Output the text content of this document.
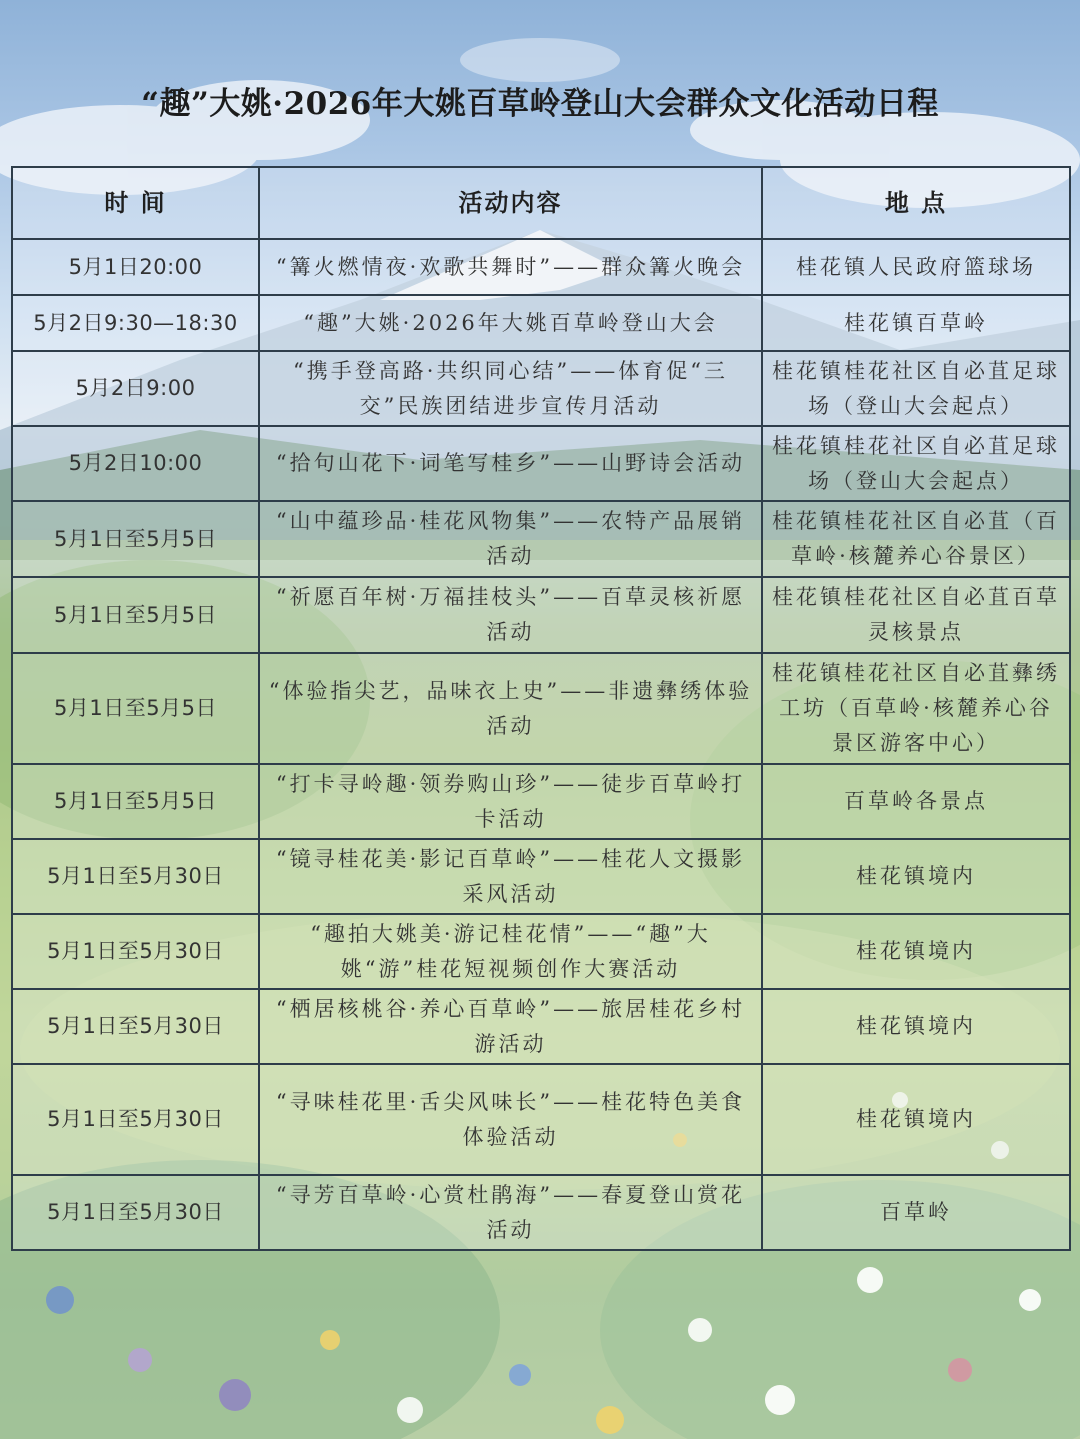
“趣”大姚·2026年大姚百草岭登山大会群众文化活动日程
时 间	活动内容	地 点
5月1日20:00	“篝火燃情夜·欢歌共舞时”——群众篝火晚会	桂花镇人民政府篮球场
5月2日9:30—18:30	“趣”大姚·2026年大姚百草岭登山大会	桂花镇百草岭
5月2日9:00	“携手登高路·共织同心结”——体育促“三交”民族团结进步宣传月活动	桂花镇桂花社区自必苴足球场（登山大会起点）
5月2日10:00	“拾句山花下·词笔写桂乡”——山野诗会活动	桂花镇桂花社区自必苴足球场（登山大会起点）
5月1日至5月5日	“山中蕴珍品·桂花风物集”——农特产品展销活动	桂花镇桂花社区自必苴（百草岭·核麓养心谷景区）
5月1日至5月5日	“祈愿百年树·万福挂枝头”——百草灵核祈愿活动	桂花镇桂花社区自必苴百草灵核景点
5月1日至5月5日	“体验指尖艺，品味衣上史”——非遗彝绣体验活动	桂花镇桂花社区自必苴彝绣工坊（百草岭·核麓养心谷景区游客中心）
5月1日至5月5日	“打卡寻岭趣·领券购山珍”——徒步百草岭打卡活动	百草岭各景点
5月1日至5月30日	“镜寻桂花美·影记百草岭”——桂花人文摄影采风活动	桂花镇境内
5月1日至5月30日	“趣拍大姚美·游记桂花情”——“趣”大姚“游”桂花短视频创作大赛活动	桂花镇境内
5月1日至5月30日	“栖居核桃谷·养心百草岭”——旅居桂花乡村游活动	桂花镇境内
5月1日至5月30日	“寻味桂花里·舌尖风味长”——桂花特色美食体验活动	桂花镇境内
5月1日至5月30日	“寻芳百草岭·心赏杜鹃海”——春夏登山赏花活动	百草岭
